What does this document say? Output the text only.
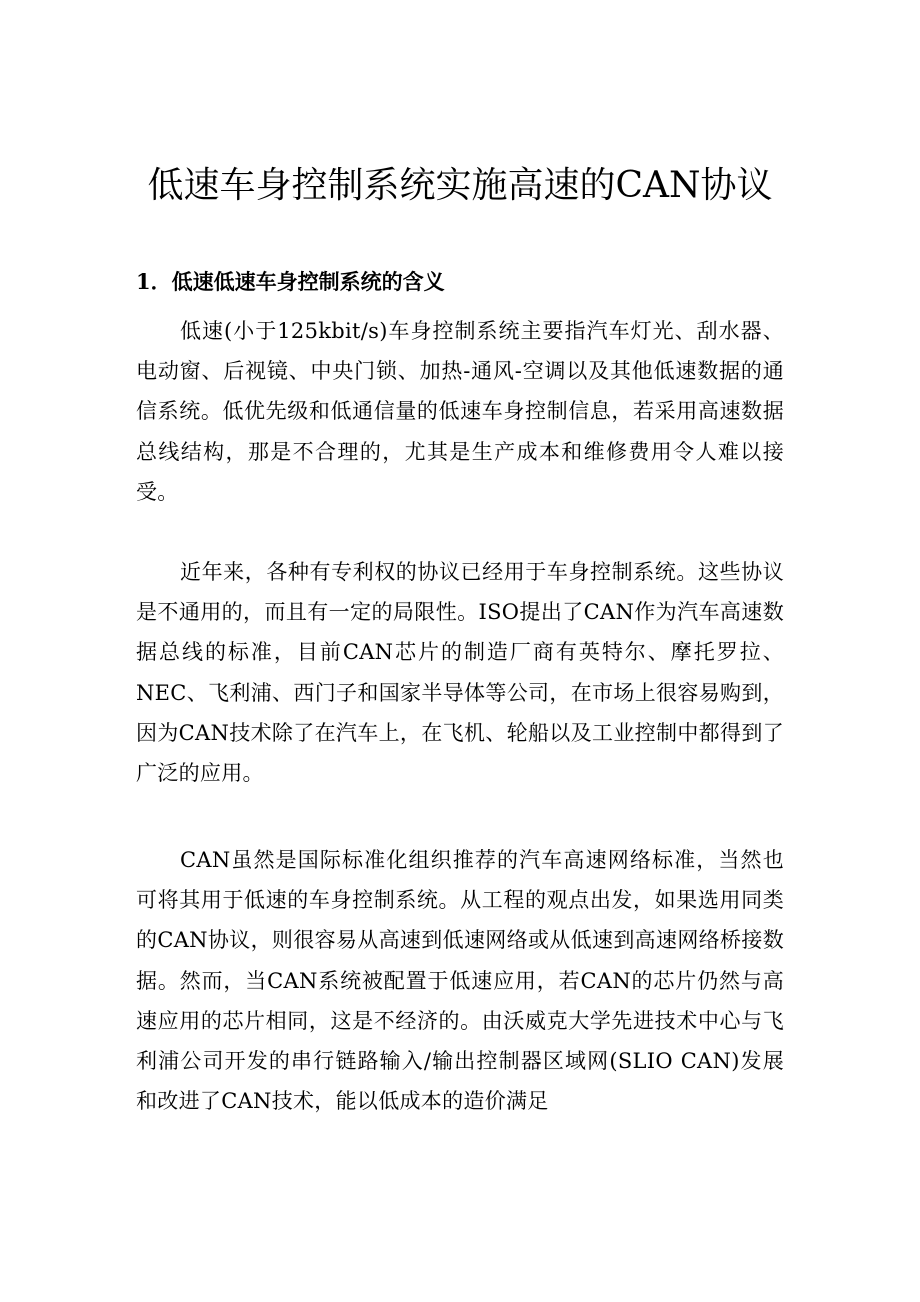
低速车身控制系统实施高速的CAN协议
1．低速低速车身控制系统的含义

低速(小于125kbit/s)车身控制系统主要指汽车灯光、刮水器、电动窗、后视镜、中央门锁、加热-通风-空调以及其他低速数据的通信系统。低优先级和低通信量的低速车身控制信息，若采用高速数据总线结构，那是不合理的，尤其是生产成本和维修费用令人难以接受。

近年来，各种有专利权的协议已经用于车身控制系统。这些协议是不通用的，而且有一定的局限性。ISO提出了CAN作为汽车高速数据总线的标准，目前CAN芯片的制造厂商有英特尔、摩托罗拉、NEC、飞利浦、西门子和国家半导体等公司，在市场上很容易购到，因为CAN技术除了在汽车上，在飞机、轮船以及工业控制中都得到了广泛的应用。

CAN虽然是国际标准化组织推荐的汽车高速网络标准，当然也可将其用于低速的车身控制系统。从工程的观点出发，如果选用同类的CAN协议，则很容易从高速到低速网络或从低速到高速网络桥接数据。然而，当CAN系统被配置于低速应用，若CAN的芯片仍然与高速应用的芯片相同，这是不经济的。由沃威克大学先进技术中心与飞利浦公司开发的串行链路输入/输出控制器区域网(SLIO CAN)发展和改进了CAN技术，能以低成本的造价满足
